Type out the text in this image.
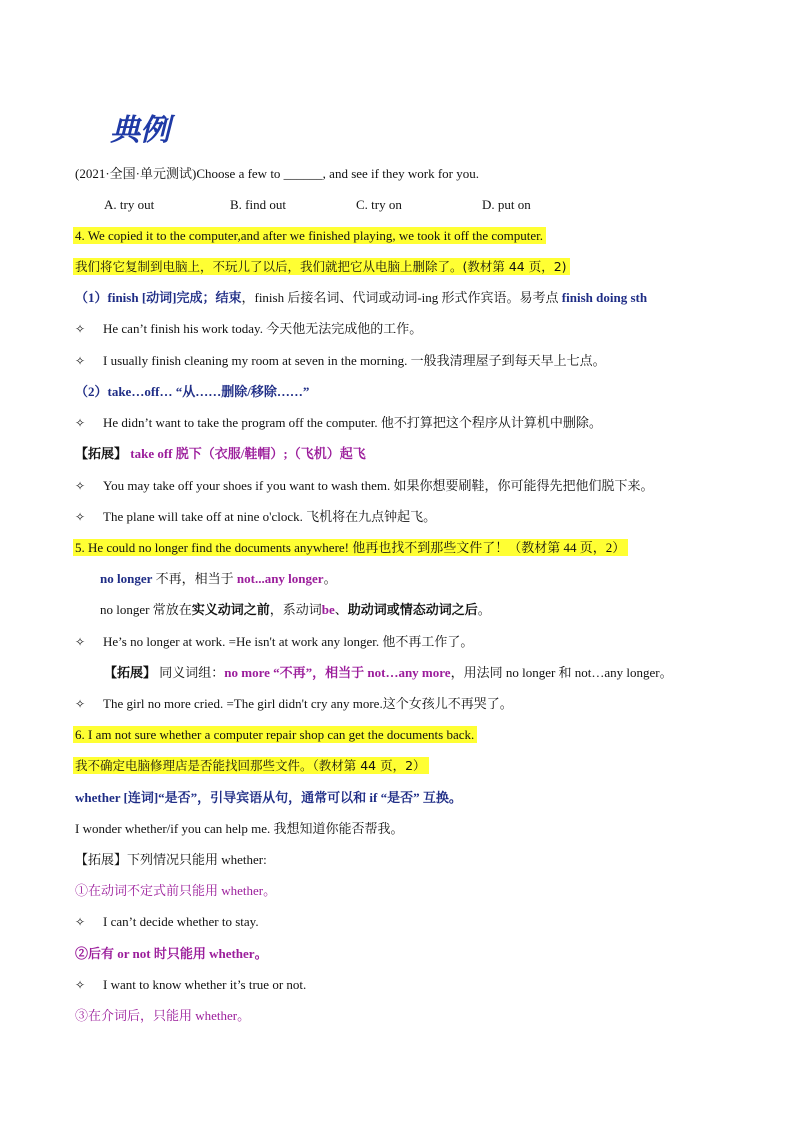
典例
(2021·全国·单元测试)Choose a few to ______, and see if they work for you.
A. try out	B. find out	C. try on	D. put on
4. We copied it to the computer,and after we finished playing, we took it off the computer.
我们将它复制到电脑上，不玩儿了以后，我们就把它从电脑上删除了。(教材第 44 页，2)
（1）finish [动词]完成；结束，finish 后接名词、代词或动词-ing 形式作宾语。易考点 finish doing sth
✧ He can’t finish his work today. 今天他无法完成他的工作。
✧ I usually finish cleaning my room at seven in the morning. 一般我清理屋子到每天早上七点。
（2）take…off… “从……删除/移除……”
✧ He didn’t want to take the program off the computer. 他不打算把这个程序从计算机中删除。
【拓展】 take off 脱下（衣服/鞋帽）;（飞机）起飞
✧ You may take off your shoes if you want to wash them. 如果你想要刷鞋，你可能得先把他们脱下来。
✧ The plane will take off at nine o'clock. 飞机将在九点钟起飞。
5. He could no longer find the documents anywhere! 他再也找不到那些文件了！（教材第 44 页，2）
no longer 不再，相当于 not...any longer。
no longer 常放在实义动词之前，系动词be、助动词或情态动词之后。
✧ He’s no longer at work. =He isn't at work any longer. 他不再工作了。
【拓展】 同义词组：no more “不再”，相当于 not…any more，用法同 no longer 和 not…any longer。
✧ The girl no more cried. =The girl didn't cry any more.这个女孩儿不再哭了。
6. I am not sure whether a computer repair shop can get the documents back.
我不确定电脑修理店是否能找回那些文件。（教材第 44 页，2）
whether [连词]“是否”，引导宾语从句，通常可以和 if “是否” 互换。
I wonder whether/if you can help me. 我想知道你能否帮我。
【拓展】下列情况只能用 whether:
①在动词不定式前只能用 whether。
✧ I can’t decide whether to stay.
②后有 or not 时只能用 whether。
✧ I want to know whether it’s true or not.
③在介词后，只能用 whether。
